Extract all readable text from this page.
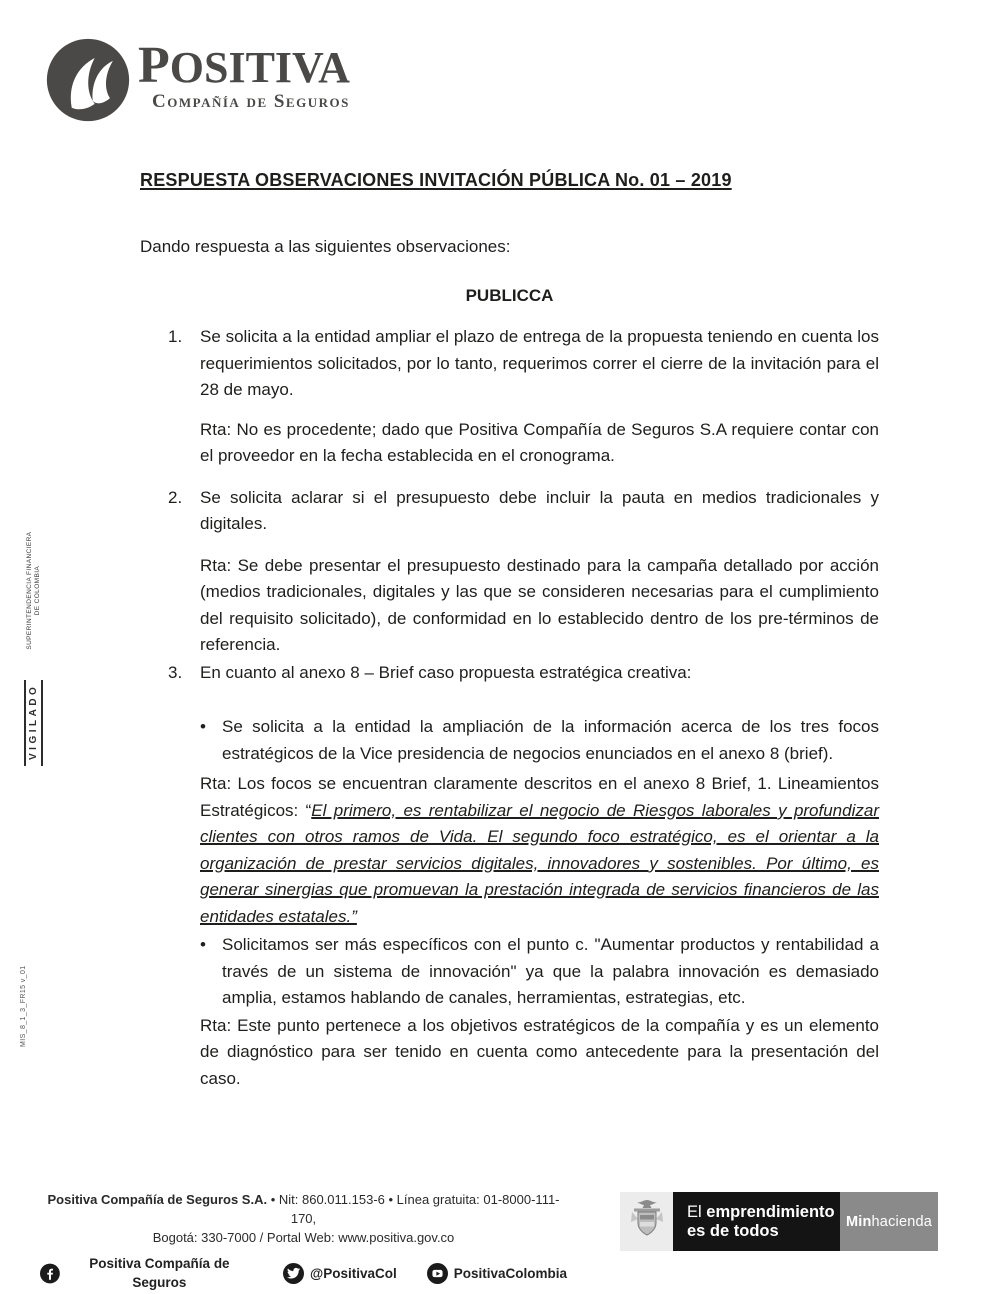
POSITIVA
Compañía de Seguros
VIGILADO
SUPERINTENDENCIA FINANCIERA
DE COLOMBIA
MIS_8_1_3_FR15 v_01
RESPUESTA OBSERVACIONES INVITACIÓN PÚBLICA No. 01 – 2019

Dando respuesta a las siguientes observaciones:

PUBLICCA
1. Se solicita a la entidad ampliar el plazo de entrega de la propuesta teniendo en cuenta los requerimientos solicitados, por lo tanto, requerimos correr el cierre de la invitación para el 28 de mayo.

Rta: No es procedente; dado que Positiva Compañía de Seguros S.A requiere contar con el proveedor en la fecha establecida en el cronograma.

2. Se solicita aclarar si el presupuesto debe incluir la pauta en medios tradicionales y digitales.

Rta: Se debe presentar el presupuesto destinado para la campaña detallado por acción (medios tradicionales, digitales y las que se consideren necesarias para el cumplimiento del requisito solicitado), de conformidad en lo establecido dentro de los pre-términos de referencia.

3. En cuanto al anexo 8 – Brief caso propuesta estratégica creativa:

• Se solicita a la entidad la ampliación de la información acerca de los tres focos estratégicos de la Vice presidencia de negocios enunciados en el anexo 8 (brief).

Rta: Los focos se encuentran claramente descritos en el anexo 8 Brief, 1. Lineamientos Estratégicos: “El primero, es rentabilizar el negocio de Riesgos laborales y profundizar clientes con otros ramos de Vida. El segundo foco estratégico, es el orientar a la organización de prestar servicios digitales, innovadores y sostenibles. Por último, es generar sinergias que promuevan la prestación integrada de servicios financieros de las entidades estatales.”

• Solicitamos ser más específicos con el punto c. "Aumentar productos y rentabilidad a través de un sistema de innovación" ya que la palabra innovación es demasiado amplia, estamos hablando de canales, herramientas, estrategias, etc.

Rta: Este punto pertenece a los objetivos estratégicos de la compañía y es un elemento de diagnóstico para ser tenido en cuenta como antecedente para la presentación del caso.

Positiva Compañía de Seguros S.A. • Nit: 860.011.153-6 • Línea gratuita: 01-8000-111-170,
Bogotá: 330-7000 / Portal Web: www.positiva.gov.co
Positiva Compañía de Seguros
@PositivaCol	PositivaColombia
El emprendimiento
es de todos	Min hacienda
